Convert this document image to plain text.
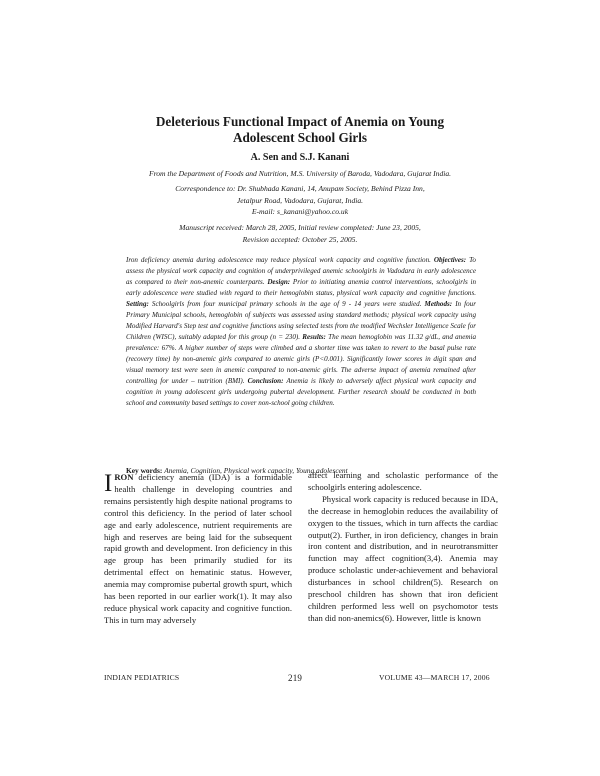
Deleterious Functional Impact of Anemia on Young
Adolescent School Girls
A. Sen and S.J. Kanani
From the Department of Foods and Nutrition, M.S. University of Baroda, Vadodara, Gujarat India.
Correspondence to: Dr. Shubhada Kanani, 14, Anupam Society, Behind Pizza Inn,
Jetalpur Road, Vadodara, Gujarat, India.
E-mail: s_kanani@yahoo.co.uk
Manuscript received: March 28, 2005, Initial review completed: June 23, 2005,
Revision accepted: October 25, 2005.
Iron deficiency anemia during adolescence may reduce physical work capacity and cognitive function. Objectives: To assess the physical work capacity and cognition of underprivileged anemic schoolgirls in Vadodara in early adolescence as compared to their non-anemic counterparts. Design: Prior to initiating anemia control interventions, schoolgirls in early adolescence were studied with regard to their hemoglobin status, physical work capacity and cognitive functions. Setting: Schoolgirls from four municipal primary schools in the age of 9 - 14 years were studied. Methods: In four Primary Municipal schools, hemoglobin of subjects was assessed using standard methods; physical work capacity using Modified Harvard's Step test and cognitive functions using selected tests from the modified Wechsler Intelligence Scale for Children (WISC), suitably adapted for this group (n = 230). Results: The mean hemoglobin was 11.32 g/dL, and anemia prevalence: 67%. A higher number of steps were climbed and a shorter time was taken to revert to the basal pulse rate (recovery time) by non-anemic girls compared to anemic girls (P<0.001). Significantly lower scores in digit span and visual memory test were seen in anemic compared to non-anemic girls. The adverse impact of anemia remained after controlling for under – nutrition (BMI). Conclusion: Anemia is likely to adversely affect physical work capacity and cognition in young adolescent girls undergoing pubertal development. Further research should be conducted in both school and community based settings to cover non-school going children.
Key words: Anemia, Cognition, Physical work capacity, Young adolescent

IRON deficiency anemia (IDA) is a formidable health challenge in developing countries and remains persistently high despite national programs to control this deficiency. In the period of later school age and early adolescence, nutrient requirements are high and reserves are being laid for the subsequent rapid growth and development. Iron deficiency in this age group has been primarily studied for its detrimental effect on hematinic status. However, anemia may compromise pubertal growth spurt, which has been reported in our earlier work(1). It may also reduce physical work capacity and cognitive function. This in turn may adversely

affect learning and scholastic performance of the schoolgirls entering adolescence.

Physical work capacity is reduced because in IDA, the decrease in hemoglobin reduces the availability of oxygen to the tissues, which in turn affects the cardiac output(2). Further, in iron deficiency, changes in brain iron content and distribution, and in neurotransmitter function may affect cognition(3,4). Anemia may produce scholastic under-achievement and behavioral disturbances in school children(5). Research on preschool children has shown that iron deficient children performed less well on psychomotor tests than did non-anemics(6). However, little is known

INDIAN PEDIATRICS	219	VOLUME 43—MARCH 17, 2006
